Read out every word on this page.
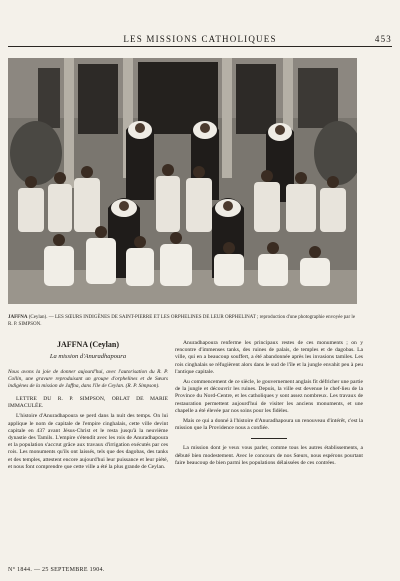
LES MISSIONS CATHOLIQUES	453
JAFFNA (Ceylan). — LES SŒURS INDIGÈNES DE SAINT-PIERRE ET LES ORPHELINES DE LEUR ORPHELINAT ; reproduction d'une photographie envoyée par le R. P. SIMPSON.

JAFFNA (Ceylan)

La mission d'Anuradhapoura

Nous avons la joie de donner aujourd'hui, avec l'autorisation du R. P. Collin, une gravure reproduisant un groupe d'orphelines et de Sœurs indigènes de la mission de Jaffna, dans l'île de Ceylan. (R. P. Simpson).

LETTRE DU R. P. SIMPSON, OBLAT DE MARIE IMMACULÉE.

L'histoire d'Anuradhapoura se perd dans la nuit des temps. On lui applique le nom de capitale de l'empire cinghalais, cette ville devint capitale en 437 avant Jésus-Christ et le resta jusqu'à la neuvième dynastie des Tamils. L'empire s'étendit avec les rois de Anuradhapoura et la population s'accrut grâce aux travaux d'irrigation exécutés par ces rois. Les monuments qu'ils ont laissés, tels que des dagobas, des tanks et des temples, attestent encore aujourd'hui leur puissance et leur piété, et nous font comprendre que cette ville a été la plus grande de Ceylan.

Anuradhapoura renferme les principaux restes de ces monuments ; on y rencontre d'immenses tanks, des ruines de palais, de temples et de dagobas. La ville, qui en a beaucoup souffert, a été abandonnée après les invasions tamiles. Les rois cinghalais se réfugièrent alors dans le sud de l'île et la jungle envahit peu à peu l'antique capitale.

Au commencement de ce siècle, le gouvernement anglais fit défricher une partie de la jungle et découvrir les ruines. Depuis, la ville est devenue le chef-lieu de la Province du Nord-Centre, et les catholiques y sont assez nombreux. Les travaux de restauration permettent aujourd'hui de visiter les anciens monuments, et une chapelle a été élevée par nos soins pour les fidèles.

Mais ce qui a donné à l'histoire d'Anuradhapoura un renouveau d'intérêt, c'est la mission que la Providence nous a confiée.

La mission dont je veux vous parler, comme tous les autres établissements, a débuté bien modestement. Avec le concours de nos Sœurs, nous espérons pourtant faire beaucoup de bien parmi les populations délaissées de ces contrées.

N° 1844. — 25 SEPTEMBRE 1904.
